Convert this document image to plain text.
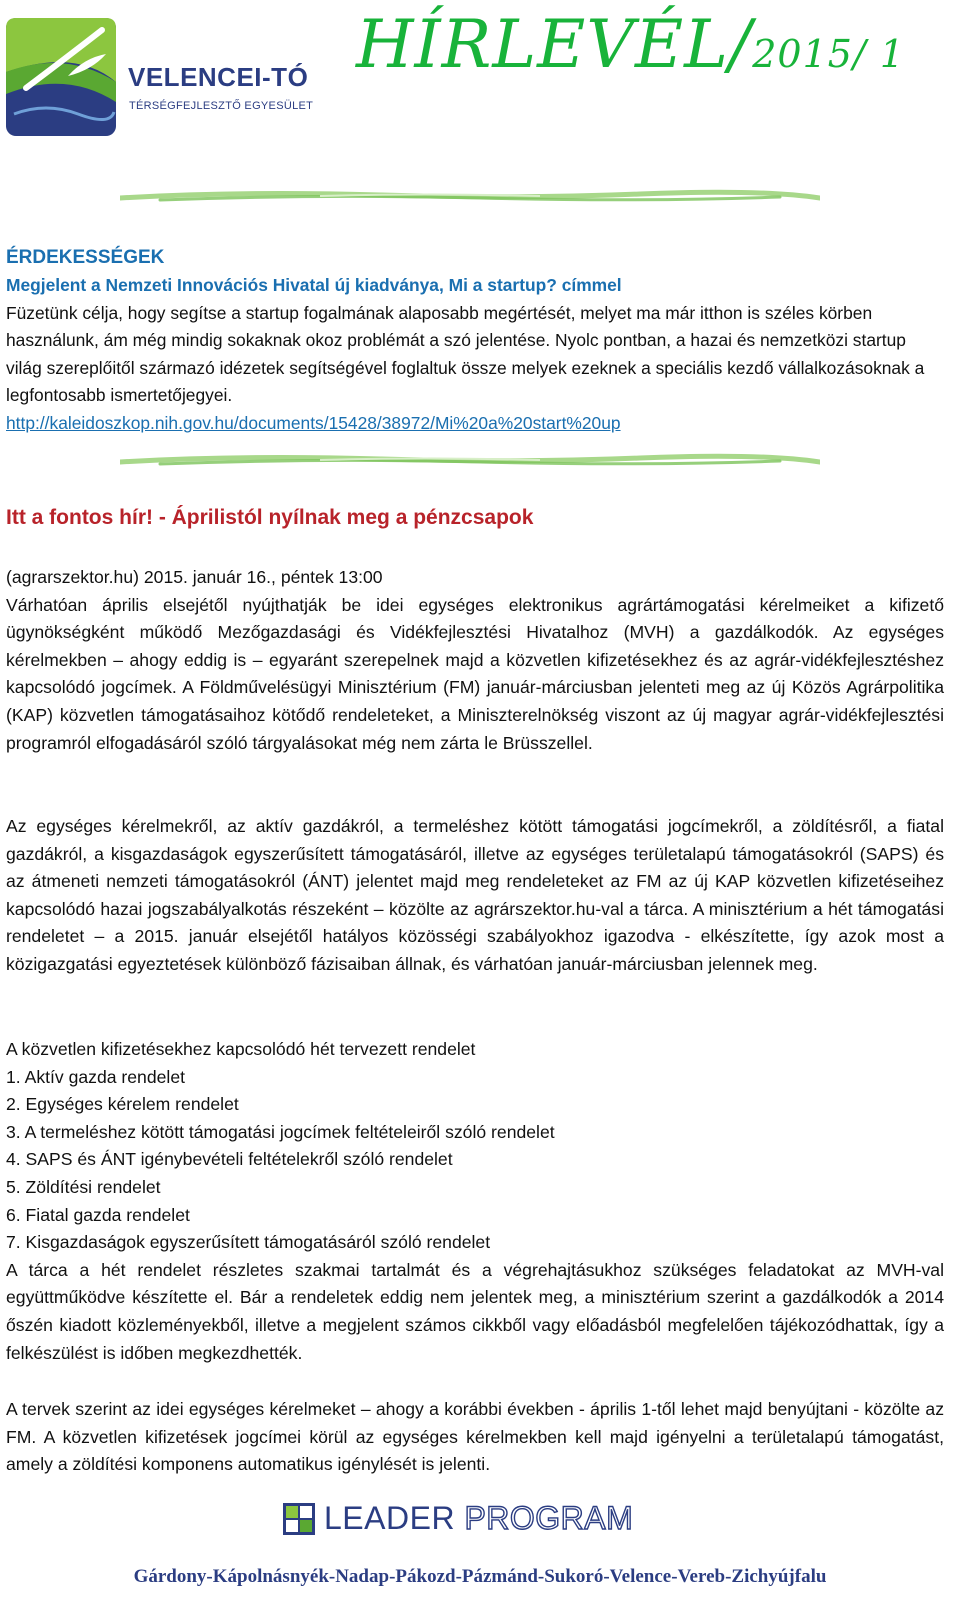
VELENCEI-TÓ
TÉRSÉGFEJLESZTŐ EGYESÜLET
HÍRLEVÉL/2015/ 1
ÉRDEKESSÉGEK
Megjelent a Nemzeti Innovációs Hivatal új kiadványa, Mi a startup? címmel
Füzetünk célja, hogy segítse a startup fogalmának alaposabb megértését, melyet ma már itthon is széles körben használunk, ám még mindig sokaknak okoz problémát a szó jelentése. Nyolc pontban, a hazai és nemzetközi startup világ szereplőitől származó idézetek segítségével foglaltuk össze melyek ezeknek a speciális kezdő vállalkozásoknak a legfontosabb ismertetőjegyei.
http://kaleidoszkop.nih.gov.hu/documents/15428/38972/Mi%20a%20start%20up
Itt a fontos hír! - Áprilistól nyílnak meg a pénzcsapok

(agrarszektor.hu) 2015. január 16., péntek 13:00

Várhatóan április elsejétől nyújthatják be idei egységes elektronikus agrártámogatási kérelmeiket a kifizető ügynökségként működő Mezőgazdasági és Vidékfejlesztési Hivatalhoz (MVH) a gazdálkodók. Az egységes kérelmekben – ahogy eddig is – egyaránt szerepelnek majd a közvetlen kifizetésekhez és az agrár-vidékfejlesztéshez kapcsolódó jogcímek. A Földművelésügyi Minisztérium (FM) január-márciusban jelenteti meg az új Közös Agrárpolitika (KAP) közvetlen támogatásaihoz kötődő rendeleteket, a Miniszterelnökség viszont az új magyar agrár-vidékfejlesztési programról elfogadásáról szóló tárgyalásokat még nem zárta le Brüsszellel.

Az egységes kérelmekről, az aktív gazdákról, a termeléshez kötött támogatási jogcímekről, a zöldítésről, a fiatal gazdákról, a kisgazdaságok egyszerűsített támogatásáról, illetve az egységes területalapú támogatásokról (SAPS) és az átmeneti nemzeti támogatásokról (ÁNT) jelentet majd meg rendeleteket az FM az új KAP közvetlen kifizetéseihez kapcsolódó hazai jogszabályalkotás részeként – közölte az agrárszektor.hu-val a tárca. A minisztérium a hét támogatási rendeletet – a 2015. január elsejétől hatályos közösségi szabályokhoz igazodva - elkészítette, így azok most a közigazgatási egyeztetések különböző fázisaiban állnak, és várhatóan január-márciusban jelennek meg.

A közvetlen kifizetésekhez kapcsolódó hét tervezett rendelet

1. Aktív gazda rendelet
2. Egységes kérelem rendelet
3. A termeléshez kötött támogatási jogcímek feltételeiről szóló rendelet
4. SAPS és ÁNT igénybevételi feltételekről szóló rendelet
5. Zöldítési rendelet
6. Fiatal gazda rendelet
7. Kisgazdaságok egyszerűsített támogatásáról szóló rendelet

A tárca a hét rendelet részletes szakmai tartalmát és a végrehajtásukhoz szükséges feladatokat az MVH-val együttműködve készítette el. Bár a rendeletek eddig nem jelentek meg, a minisztérium szerint a gazdálkodók a 2014 őszén kiadott közleményekből, illetve a megjelent számos cikkből vagy előadásból megfelelően tájékozódhattak, így a felkészülést is időben megkezdhették.

A tervek szerint az idei egységes kérelmeket – ahogy a korábbi években - április 1-től lehet majd benyújtani - közölte az FM. A közvetlen kifizetések jogcímei körül az egységes kérelmekben kell majd igényelni a területalapú támogatást, amely a zöldítési komponens automatikus igénylését is jelenti.
LEADER PROGRAM
Gárdony-Kápolnásnyék-Nadap-Pákozd-Pázmánd-Sukoró-Velence-Vereb-Zichyújfalu
